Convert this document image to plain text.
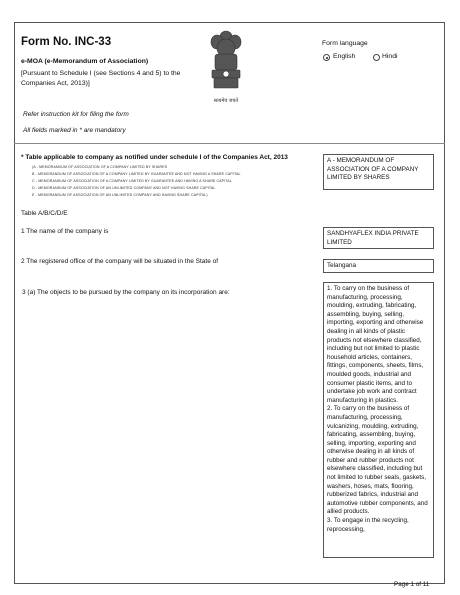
Form No. INC-33
e-MOA (e-Memorandum of Association)
[Pursuant to Schedule I (see Sections 4 and 5) to the Companies Act, 2013)]
सत्यमेव जयते
Form language
English	Hindi
Refer instruction kit for filing the form
All fields marked in * are mandatory
* Table applicable to company as notified under schedule I of the Companies Act, 2013
(A - MEMORANDUM OF ASSOCIATION OF A COMPANY LIMITED BY SHARES
B - MEMORANDUM OF ASSOCIATION OF A COMPANY LIMITED BY GUARANTEE AND NOT HAVING A SHARE CAPITAL
C - MEMORANDUM OF ASSOCIATION OF A COMPANY LIMITED BY GUARANTEE AND HAVING A SHARE CAPITAL
D - MEMORANDUM OF ASSOCIATION OF AN UNLIMITED COMPANY AND NOT HAVING SHARE CAPITAL
E - MEMORANDUM OF ASSOCIATION OF AN UNLIMITED COMPANY AND HAVING SHARE CAPITAL)
A - MEMORANDUM OF ASSOCIATION OF A COMPANY LIMITED BY SHARES
Table A/B/C/D/E
1 The name of the company is	SANDHYAFLEX INDIA PRIVATE LIMITED
2 The registered office of the company will be situated in the State of
Telangana
3 (a) The objects to be pursued by the company on its incorporation are:
1. To carry on the business of manufacturing, processing, moulding, extruding, fabricating, assembling, buying, selling, importing, exporting and otherwise dealing in all kinds of plastic products not elsewhere classified, including but not limited to plastic household articles, containers, fittings, components, sheets, films, moulded goods, industrial and consumer plastic items, and to undertake job work and contract manufacturing in plastics.
2. To carry on the business of manufacturing, processing, vulcanizing, moulding, extruding, fabricating, assembling, buying, selling, importing, exporting and otherwise dealing in all kinds of rubber and rubber products not elsewhere classified, including but not limited to rubber seals, gaskets, washers, hoses, mats, flooring, rubberized fabrics, industrial and automotive rubber components, and allied products.
3. To engage in the recycling, reprocessing,
Page 1 of 11
